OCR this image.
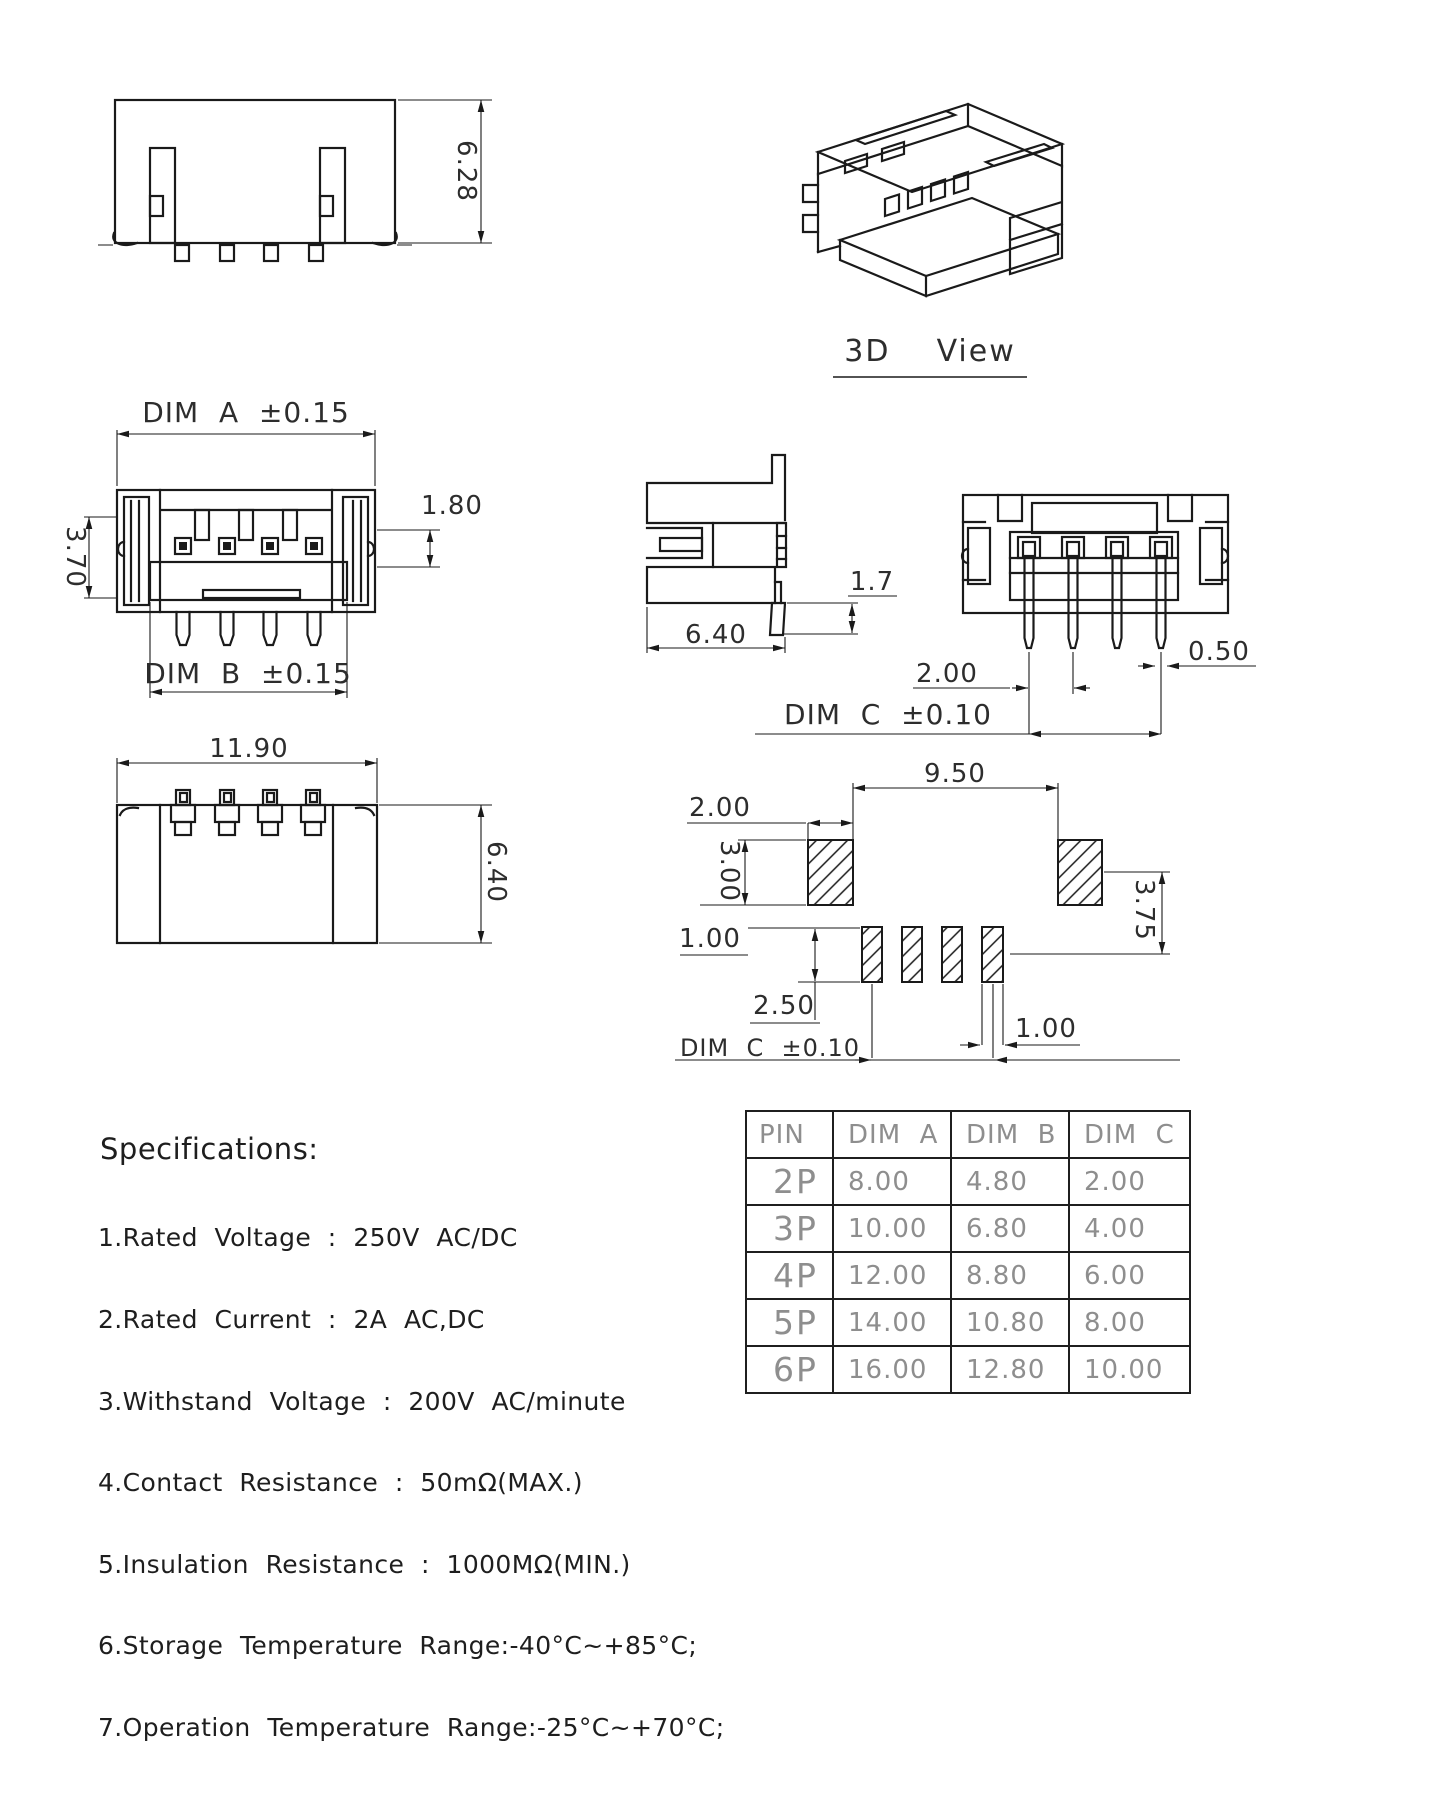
6.28
3D    View
DIM  A  ±0.15
1.80
3.70
DIM  B  ±0.15
1.7
6.40
2.00
0.50
DIM  C  ±0.10
11.90
6.40
9.50
2.00
3.00
1.00
2.50
3.75
1.00
DIM  C  ±0.10
Specifications:

1.Rated  Voltage  :  250V  AC/DC

2.Rated  Current  :  2A  AC,DC

3.Withstand  Voltage  :  200V  AC/minute

4.Contact  Resistance  :  50mΩ(MAX.)

5.Insulation  Resistance  :  1000MΩ(MIN.)

6.Storage  Temperature  Range:-40°C~+85°C;

7.Operation  Temperature  Range:-25°C~+70°C;

PIN	DIM  A	DIM  B	DIM  C
2P	8.00	4.80	2.00
3P	10.00	6.80	4.00
4P	12.00	8.80	6.00
5P	14.00	10.80	8.00
6P	16.00	12.80	10.00
